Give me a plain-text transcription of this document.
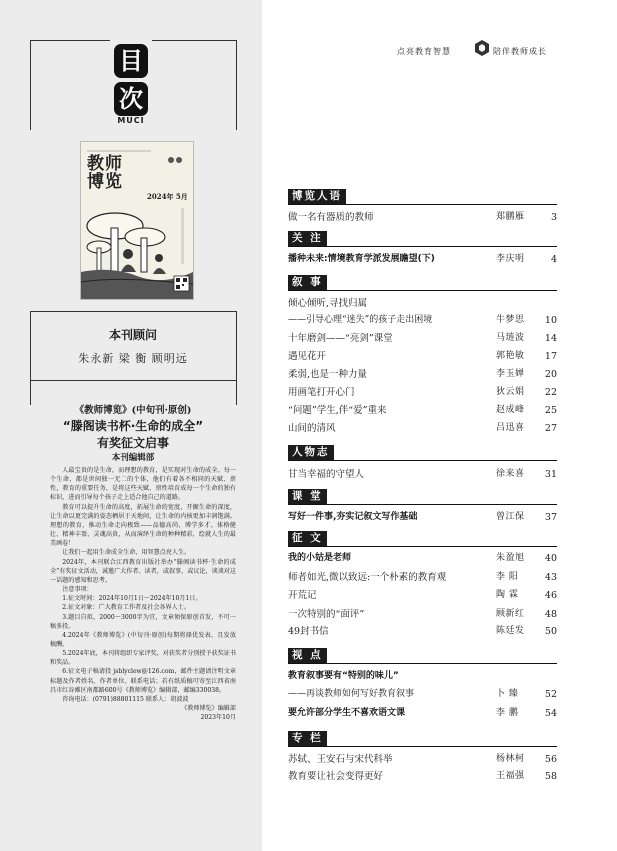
目
次
MUCI
教师
博览
2024年 5月
本刊顾问
朱永新 梁 衡 顾明远
《教师博览》(中旬刊·原创)
“滕阁读书杯·生命的成全”
有奖征文启事
本刊编辑部

人最宝贵的是生命，而理想的教育，是实现对生命的成全。每一个生命，都是世间独一无二的个体，他们有着各不相同的天赋、禀性，教育的重要任务，是将这些天赋、禀性培育成每一个生命的独有标识，进而引导每个孩子走上适合他自己的道路。

教育可以提升生命的高度，拓展生命的宽度，开掘生命的深度，让生命以更完满的姿态栖居于天地间，让生命的内核更加丰润饱满。理想的教育，推动生命走向极致——品德高尚、博学多才、体格健壮、精神丰盈、灵魂高贵，从而演绎生命的种种精彩，绘就人生的最美画卷！

让我们一起用生命成全生命，用智慧点亮人生。

2024年，本刊联合江西教育出版社举办“滕阁读书杯·生命的成全”有奖征文活动，诚邀广大作者、读者，或叙事，或议论，谈谈对这一话题的感知和思考。

注意事项：

1.征文时间：2024年10月1日～2024年10月1日。

2.征文对象：广大教育工作者及社会各界人士。

3.题目自拟，2000～3000字为宜，文章须保原创首发，不可一稿多投。

4.2024年《教师博览》(中旬刊·原创)每期将择优发表，且发放稿酬。

5.2024年底，本刊将组织专家评奖，对获奖者分别授予获奖证书和奖品。

6.征文电子稿请投 jsblyclew@126.com，邮件主题请注明文章标题及作者姓名、作者单位、联系电话；若有纸质稿可寄至江西省南昌市红谷滩区南都路600号《教师博览》编辑部，邮编330038。

咨询电话：(0791)88801115 联系人：胡波波

《教师博览》编辑部

2023年10月

点亮教育智慧	陪伴教师成长
博览人语
做一名有器质的教师	郑鹏雁	3
关 注
播种未来:情境教育学派发展瞻望(下)	李庆明	4
叙 事
倾心倾听,寻找归属
——引导心理“迷失”的孩子走出困境	牛梦思 10
十年磨剑——“亮剑”课堂	马琏波 14
遇见花开	郭艳敏 17
柔弱,也是一种力量	李玉婵 20
用画笔打开心门	狄云娟 22
“问题”学生,伴“爱”重来	赵成峰 25
山间的清风	吕迅喜 27
人物志
甘当幸福的守望人	徐来喜 31
课 堂
写好一件事,夯实记叙文写作基础	曾江保 37
征 文
我的小姑是老师	朱盈旭 40
师者如光,微以致远:一个朴素的教育观	李 阳	43
开荒记	陶 霖	46
一次特别的“面评”	顾新红 48
49封书信	陈廷发 50
视 点
教育叙事要有“特别的味儿”
——再谈教师如何写好教育叙事	卜 臻	52
要允许部分学生不喜欢语文课	李 鹏	54
专 栏
苏轼、王安石与宋代科举	杨林柯 56
教育要让社会变得更好	王福强 58
